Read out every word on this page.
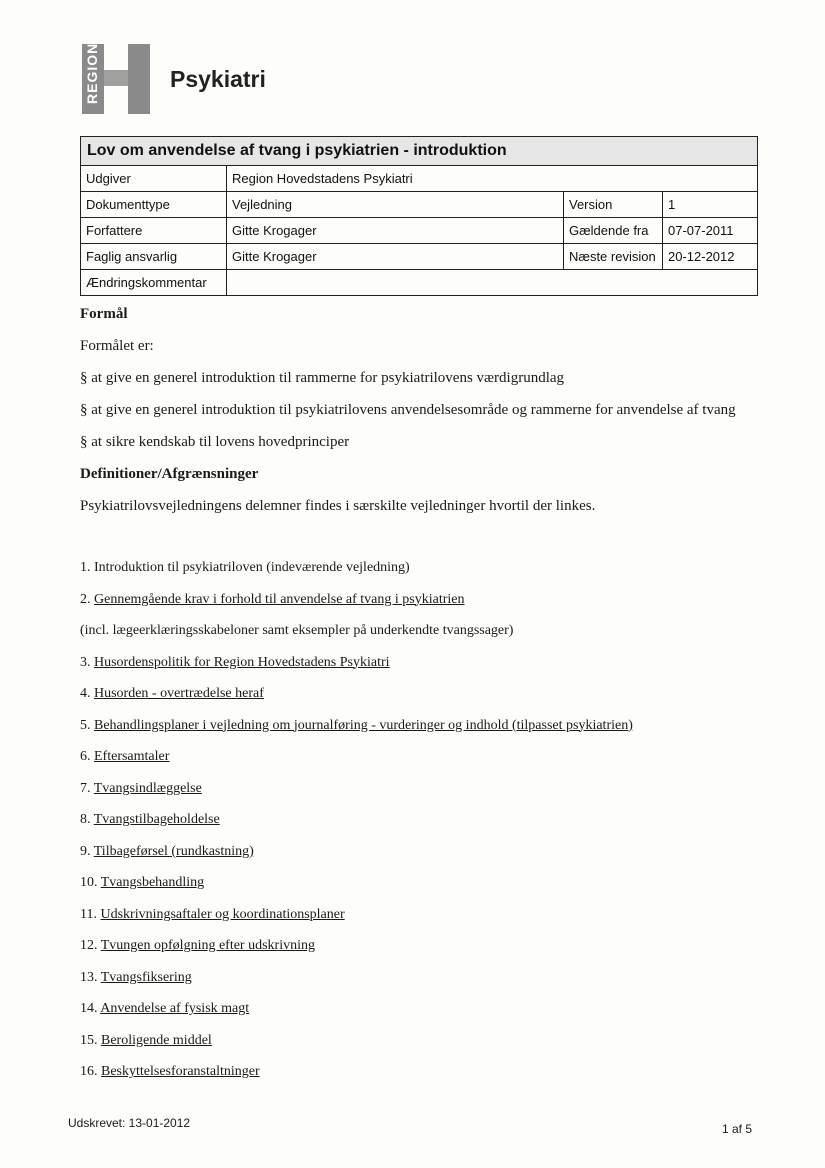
REGION	Psykiatri
Lov om anvendelse af tvang i psykiatrien - introduktion			
Udgiver	Region Hovedstadens Psykiatri		
Dokumenttype	Vejledning	Version	1
Forfattere	Gitte Krogager	Gældende fra	07-07-2011
Faglig ansvarlig	Gitte Krogager	Næste revision	20-12-2012
Ændringskommentar			

Formål

Formålet er:

§ at give en generel introduktion til rammerne for psykiatrilovens værdigrundlag

§ at give en generel introduktion til psykiatrilovens anvendelsesområde og rammerne for anvendelse af tvang

§ at sikre kendskab til lovens hovedprinciper

Definitioner/Afgrænsninger

Psykiatrilovsvejledningens delemner findes i særskilte vejledninger hvortil der linkes.

1. Introduktion til psykiatriloven (indeværende vejledning)
2. Gennemgående krav i forhold til anvendelse af tvang i psykiatrien
(incl. lægeerklæringsskabeloner samt eksempler på underkendte tvangssager)
3. Husordenspolitik for Region Hovedstadens Psykiatri
4. Husorden - overtrædelse heraf
5. Behandlingsplaner i vejledning om journalføring - vurderinger og indhold (tilpasset psykiatrien)
6. Eftersamtaler
7. Tvangsindlæggelse
8. Tvangstilbageholdelse
9. Tilbageførsel (rundkastning)
10. Tvangsbehandling
11. Udskrivningsaftaler og koordinationsplaner
12. Tvungen opfølgning efter udskrivning
13. Tvangsfiksering
14. Anvendelse af fysisk magt
15. Beroligende middel
16. Beskyttelsesforanstaltninger
Udskrevet: 13-01-2012	1 af 5
